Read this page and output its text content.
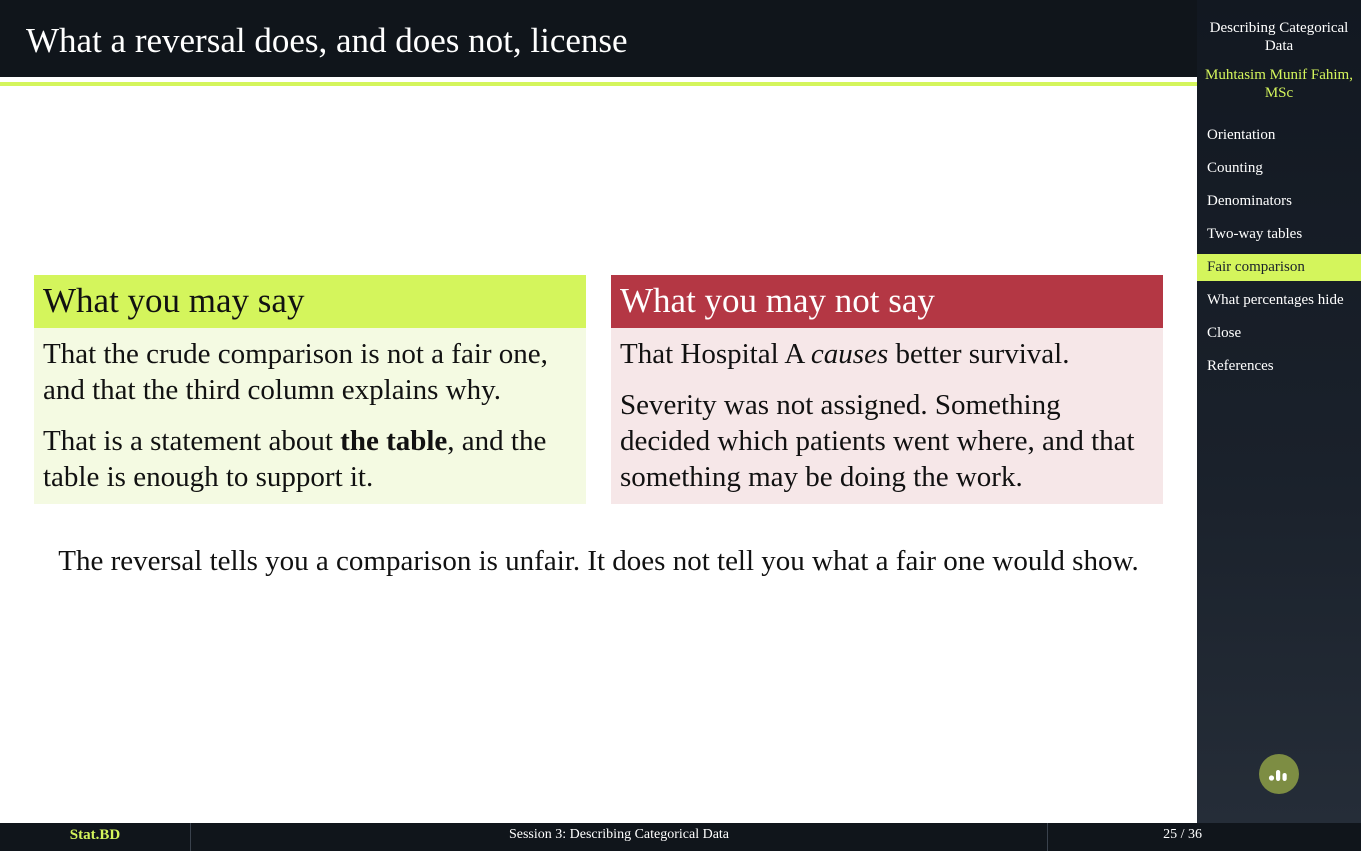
What a reversal does, and does not, license
What you may say

That the crude comparison is not a fair one, and that the third column explains why.

That is a statement about the table, and the table is enough to support it.

What you may not say

That Hospital A causes better survival.

Severity was not assigned. Something decided which patients went where, and that something may be doing the work.

The reversal tells you a comparison is unfair. It does not tell you what a fair one would show.
Describing Categorical Data
Muhtasim Munif Fahim, MSc
Orientation
Counting
Denominators
Two-way tables
Fair comparison
What percentages hide
Close
References
Stat.BD	Session 3: Describing Categorical Data	25 / 36
